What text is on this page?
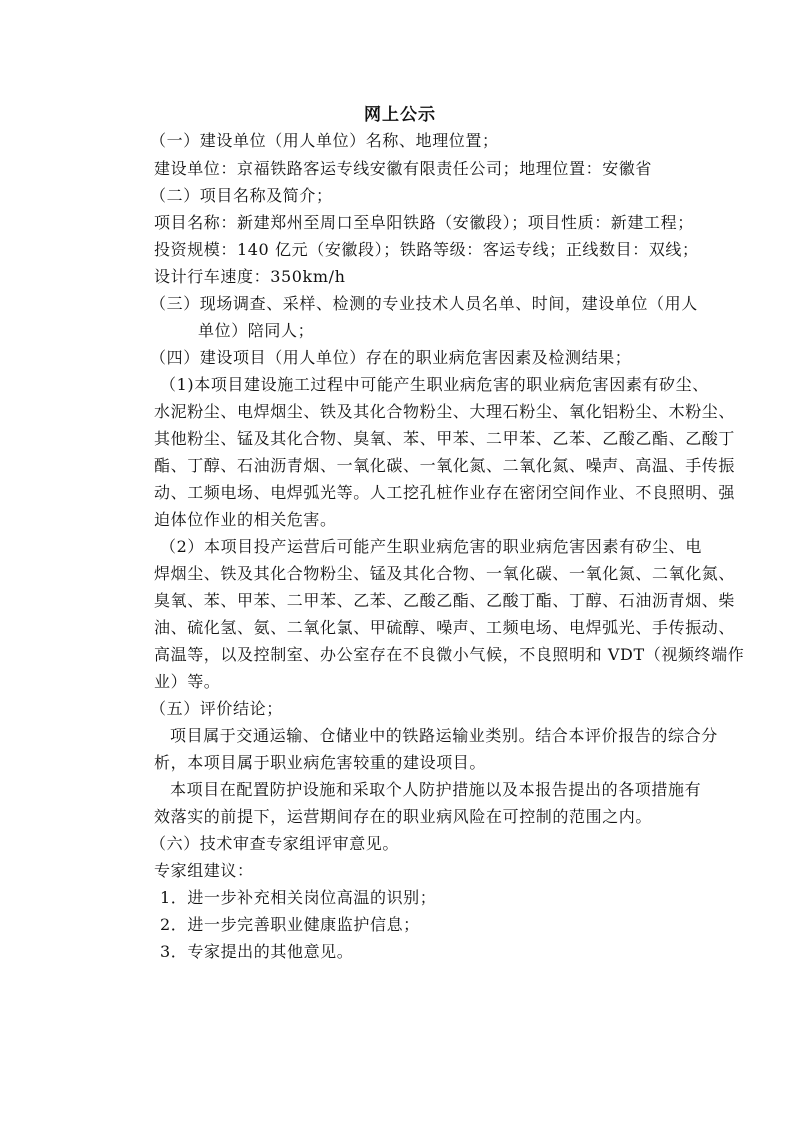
网上公示
（一）建设单位（用人单位）名称、地理位置；
建设单位：京福铁路客运专线安徽有限责任公司；地理位置：安徽省
（二）项目名称及简介；
项目名称：新建郑州至周口至阜阳铁路（安徽段）；项目性质：新建工程；
投资规模：140 亿元（安徽段）；铁路等级：客运专线；正线数目：双线；
设计行车速度：350km/h
（三）现场调查、采样、检测的专业技术人员名单、时间，建设单位（用人
单位）陪同人；
（四）建设项目（用人单位）存在的职业病危害因素及检测结果；
（1)本项目建设施工过程中可能产生职业病危害的职业病危害因素有矽尘、
水泥粉尘、电焊烟尘、铁及其化合物粉尘、大理石粉尘、氧化铝粉尘、木粉尘、
其他粉尘、锰及其化合物、臭氧、苯、甲苯、二甲苯、乙苯、乙酸乙酯、乙酸丁
酯、丁醇、石油沥青烟、一氧化碳、一氧化氮、二氧化氮、噪声、高温、手传振
动、工频电场、电焊弧光等。人工挖孔桩作业存在密闭空间作业、不良照明、强
迫体位作业的相关危害。
（2）本项目投产运营后可能产生职业病危害的职业病危害因素有矽尘、电
焊烟尘、铁及其化合物粉尘、锰及其化合物、一氧化碳、一氧化氮、二氧化氮、
臭氧、苯、甲苯、二甲苯、乙苯、乙酸乙酯、乙酸丁酯、丁醇、石油沥青烟、柴
油、硫化氢、氨、二氧化氯、甲硫醇、噪声、工频电场、电焊弧光、手传振动、
高温等，以及控制室、办公室存在不良微小气候，不良照明和 VDT（视频终端作
业）等。
（五）评价结论；
项目属于交通运输、仓储业中的铁路运输业类别。结合本评价报告的综合分
析，本项目属于职业病危害较重的建设项目。
本项目在配置防护设施和采取个人防护措施以及本报告提出的各项措施有
效落实的前提下，运营期间存在的职业病风险在可控制的范围之内。
（六）技术审查专家组评审意见。
专家组建议：
1．进一步补充相关岗位高温的识别；
2．进一步完善职业健康监护信息；
3．专家提出的其他意见。
